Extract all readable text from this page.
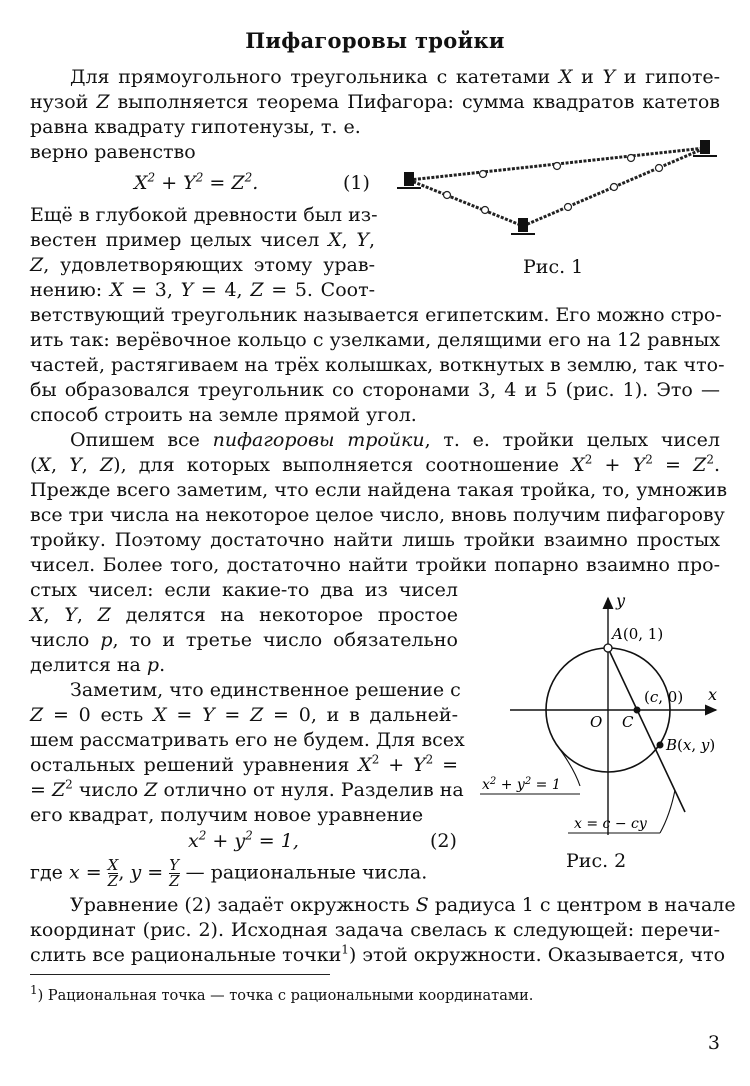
Пифагоровы тройки
Для прямоугольного треугольника с катетами X и Y и гипоте-
нузой Z выполняется теорема Пифагора: сумма квадратов катетов
равна квадрату гипотенузы, т. е.
верно равенство
$X^2 + Y^2 = Z^2$.	(1)
Ещё в глубокой древности был из-
вестен пример целых чисел X, Y,
Z, удовлетворяющих этому урав-
нению: X = 3, Y = 4, Z = 5. Соот-
ветствующий треугольник называется египетским. Его можно стро-
ить так: верёвочное кольцо с узелками, делящими его на 12 равных
частей, растягиваем на трёх колышках, воткнутых в землю, так что-
бы образовался треугольник со сторонами 3, 4 и 5 (рис. 1). Это —
способ строить на земле прямой угол.
Рис. 1
Опишем все пифагоровы тройки, т. е. тройки целых чисел
(X, Y, Z), для которых выполняется соотношение $X^2 + Y^2 = Z^2$.
Прежде всего заметим, что если найдена такая тройка, то, умножив
все три числа на некоторое целое число, вновь получим пифагорову
тройку. Поэтому достаточно найти лишь тройки взаимно простых
чисел. Более того, достаточно найти тройки попарно взаимно про-
стых чисел: если какие-то два из чисел
X, Y, Z делятся на некоторое простое
число p, то и третье число обязательно
делится на p.
Заметим, что единственное решение с
Z = 0 есть X = Y = Z = 0, и в дальней-
шем рассматривать его не будем. Для всех
остальных решений уравнения $X^2 + Y^2$ =
= $Z^2$ число Z отлично от нуля. Разделив на
его квадрат, получим новое уравнение
$x^2 + y^2 = 1$,	(2)
где $x = \frac{X}{Z}$ , $y = \frac{Y}{Z}$ — рациональные числа.
y
x
A(0, 1)
(c, 0)
O C
B(x, y)
$x^2 + y^2 = 1$
x = c − cy
Рис. 2
Уравнение (2) задаёт окружность S радиуса 1 с центром в начале
координат (рис. 2). Исходная задача свелась к следующей: перечи-
слить все рациональные точки$^1$) этой окружности. Оказывается, что
$^1$) Рациональная точка — точка с рациональными координатами.
3
